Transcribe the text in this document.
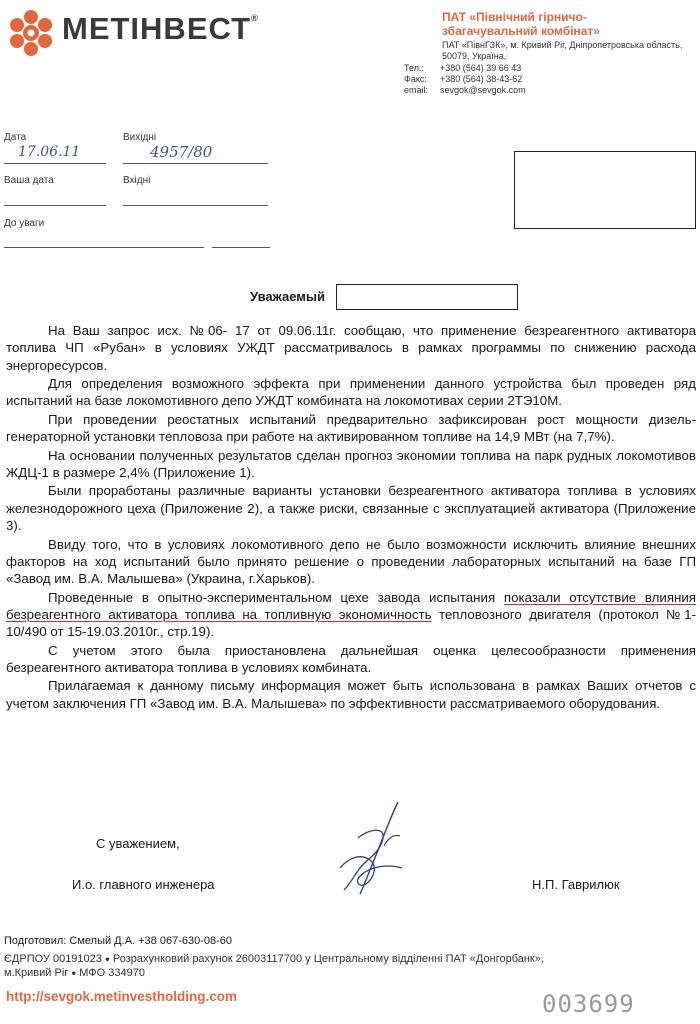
МЕТІНВЕСТ®	ПАТ «Північний гірничо-збагачувальний комбінат»
ПАТ «ПівнГЗК», м. Кривий Ріг, Дніпропетровська область, 50079, Україна,
Тел.:	+380 (564) 39 66 43
Факс:	+380 (564) 38-43-62
email:	sevgok@sevgok.com
Дата
17.06.11
Вихідні
4957/80
Ваша дата	Вхідні
До уваги
Уважаемый

На Ваш запрос исх. №06- 17 от 09.06.11г. сообщаю, что применение безреагентного активатора топлива ЧП «Рубан» в условиях УЖДТ рассматривалось в рамках программы по снижению расхода энергоресурсов.

Для определения возможного эффекта при применении данного устройства был проведен ряд испытаний на базе локомотивного депо УЖДТ комбината на локомотивах серии 2ТЭ10М.

При проведении реостатных испытаний предварительно зафиксирован рост мощности дизель-генераторной установки тепловоза при работе на активированном топливе на 14,9 МВт (на 7,7%).

На основании полученных результатов сделан прогноз экономии топлива на парк рудных локомотивов ЖДЦ-1 в размере 2,4% (Приложение 1).

Были проработаны различные варианты установки безреагентного активатора топлива в условиях железнодорожного цеха (Приложение 2), а также риски, связанные с эксплуатацией активатора (Приложение 3).

Ввиду того, что в условиях локомотивного депо не было возможности исключить влияние внешних факторов на ход испытаний было принято решение о проведении лабораторных испытаний на базе ГП «Завод им. В.А. Малышева» (Украина, г.Харьков).

Проведенные в опытно-экспериментальном цехе завода испытания показали отсутствие влияния безреагентного активатора топлива на топливную экономичность тепловозного двигателя (протокол №1-10/490 от 15-19.03.2010г., стр.19).

С учетом этого была приостановлена дальнейшая оценка целесообразности применения безреагентного активатора топлива в условиях комбината.

Прилагаемая к данному письму информация может быть использована в рамках Ваших отчетов с учетом заключения ГП «Завод им. В.А. Малышева» по эффективности рассматриваемого оборудования.

С уважением,
И.о. главного инженера	Н.П. Гаврилюк
Подготовил: Смелый Д.А. +38 067-630-08-60
ЄДРПОУ 00191023 ● Розрахунковий рахунок 26003117700 у Центральному відділенні ПАТ «Донгорбанк»,
м.Кривий Ріг ● МФО 334970
http://sevgok.metinvestholding.com	003699
